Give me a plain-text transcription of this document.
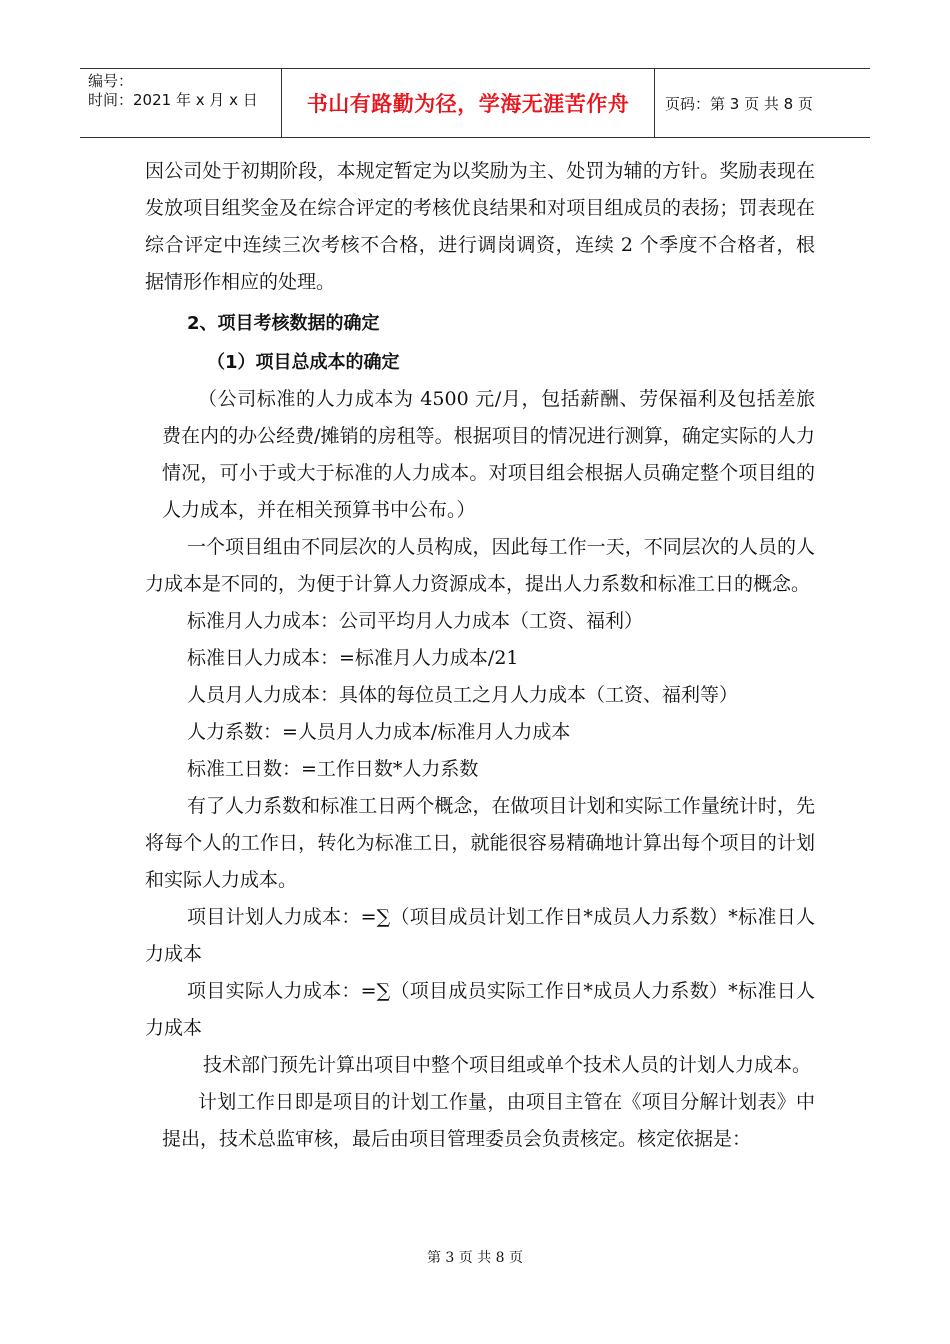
编号：
时间：2021 年 x 月 x 日	书山有路勤为径，学海无涯苦作舟	页码：第 3 页 共 8 页

因公司处于初期阶段，本规定暂定为以奖励为主、处罚为辅的方针。奖励表现在发放项目组奖金及在综合评定的考核优良结果和对项目组成员的表扬；罚表现在综合评定中连续三次考核不合格，进行调岗调资，连续 2 个季度不合格者，根据情形作相应的处理。

2、项目考核数据的确定

（1）项目总成本的确定

（公司标准的人力成本为 4500 元/月，包括薪酬、劳保福利及包括差旅费在内的办公经费/摊销的房租等。根据项目的情况进行测算，确定实际的人力情况，可小于或大于标准的人力成本。对项目组会根据人员确定整个项目组的人力成本，并在相关预算书中公布。）

一个项目组由不同层次的人员构成，因此每工作一天，不同层次的人员的人力成本是不同的，为便于计算人力资源成本，提出人力系数和标准工日的概念。

标准月人力成本：公司平均月人力成本（工资、福利）

标准日人力成本：=标准月人力成本/21

人员月人力成本：具体的每位员工之月人力成本（工资、福利等）

人力系数：=人员月人力成本/标准月人力成本

标准工日数：=工作日数*人力系数

有了人力系数和标准工日两个概念，在做项目计划和实际工作量统计时，先将每个人的工作日，转化为标准工日，就能很容易精确地计算出每个项目的计划和实际人力成本。

项目计划人力成本：=∑（项目成员计划工作日*成员人力系数）*标准日人力成本

项目实际人力成本：=∑（项目成员实际工作日*成员人力系数）*标准日人力成本

技术部门预先计算出项目中整个项目组或单个技术人员的计划人力成本。

计划工作日即是项目的计划工作量，由项目主管在《项目分解计划表》中提出，技术总监审核，最后由项目管理委员会负责核定。核定依据是：

第 3 页 共 8 页
